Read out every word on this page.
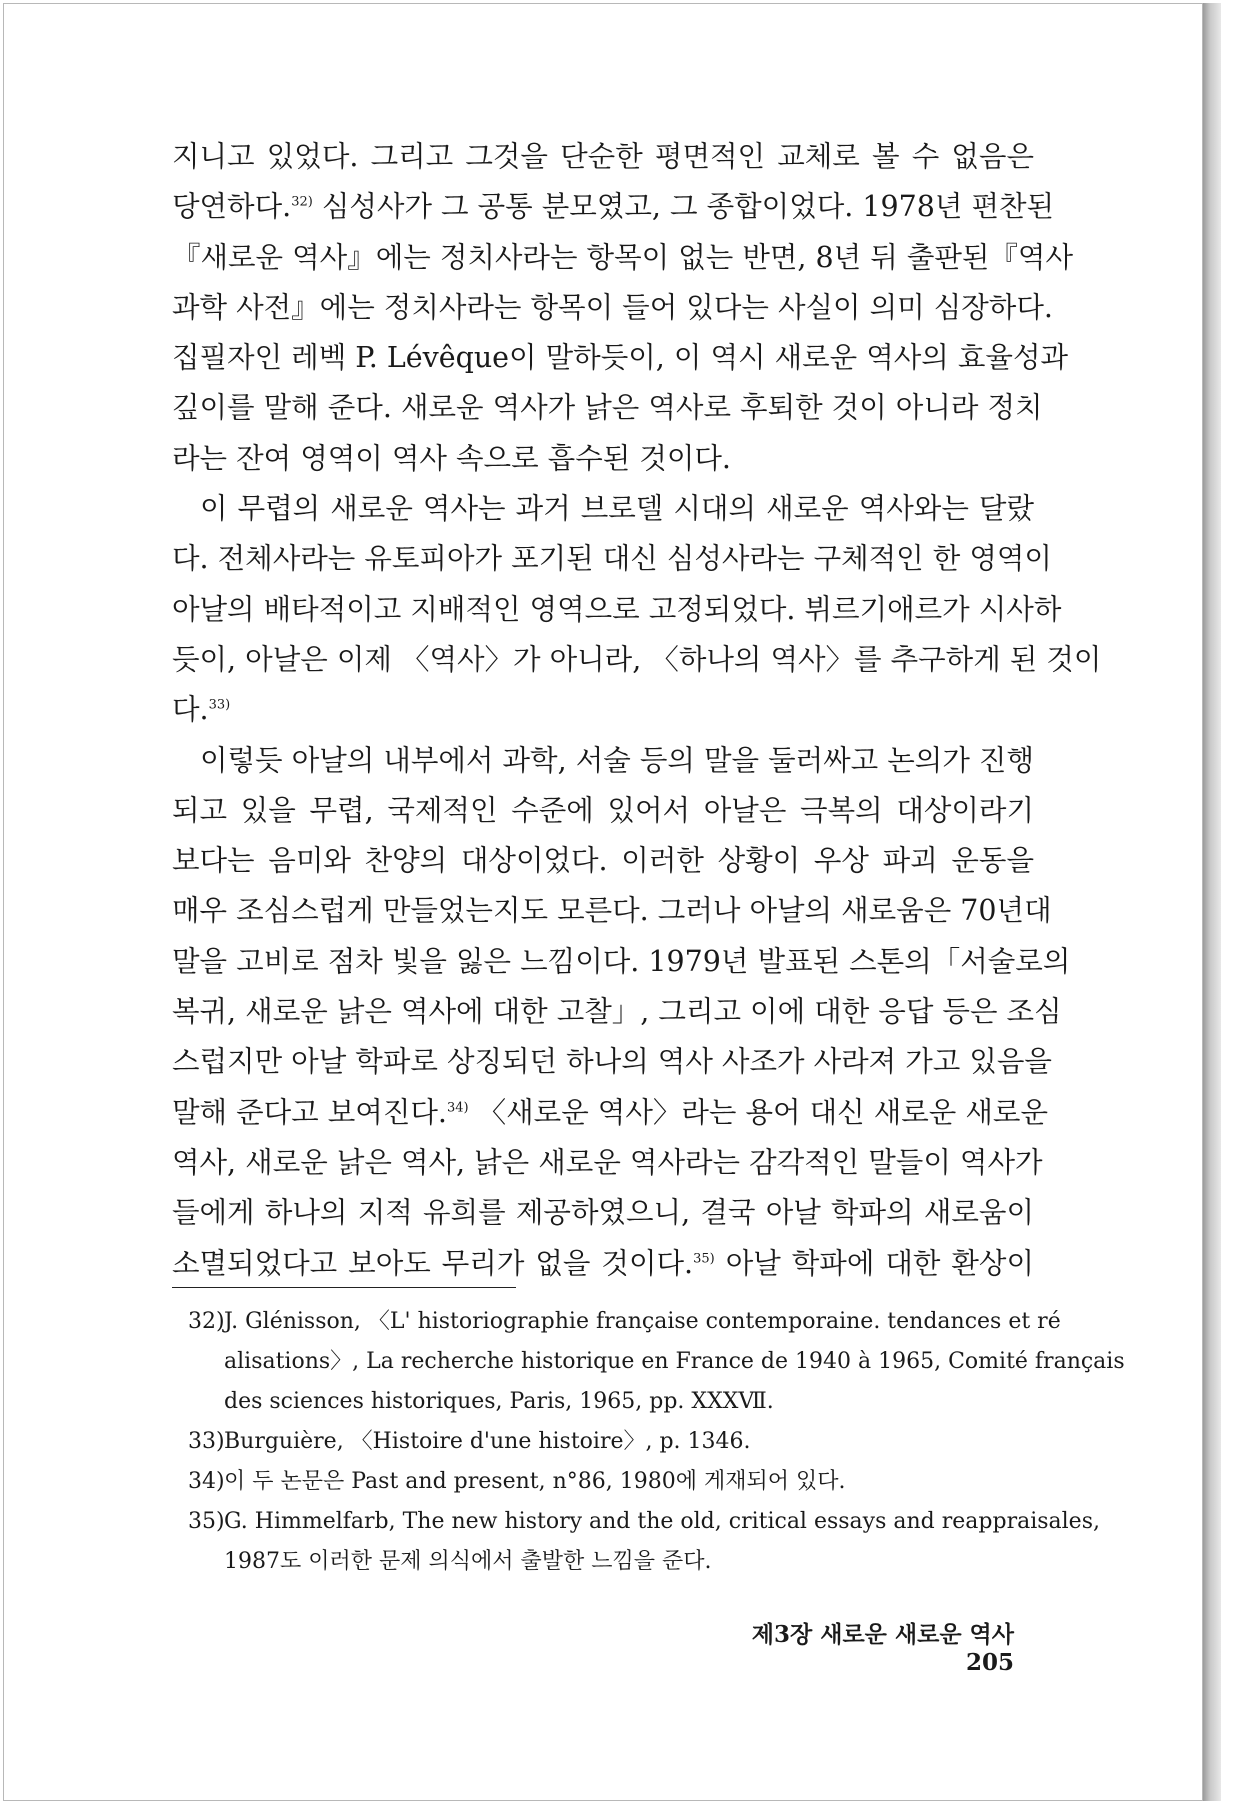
지니고 있었다. 그리고 그것을 단순한 평면적인 교체로 볼 수 없음은
당연하다.$^{32)}$ 심성사가 그 공통 분모였고, 그 종합이었다. 1978년 편찬된
『새로운 역사』에는 정치사라는 항목이 없는 반면, 8년 뒤 출판된『역사
과학 사전』에는 정치사라는 항목이 들어 있다는 사실이 의미 심장하다.
집필자인 레벡 P. Lévêque이 말하듯이, 이 역시 새로운 역사의 효율성과
깊이를 말해 준다. 새로운 역사가 낡은 역사로 후퇴한 것이 아니라 정치
라는 잔여 영역이 역사 속으로 흡수된 것이다.
이 무렵의 새로운 역사는 과거 브로델 시대의 새로운 역사와는 달랐
다. 전체사라는 유토피아가 포기된 대신 심성사라는 구체적인 한 영역이
아날의 배타적이고 지배적인 영역으로 고정되었다. 뷔르기애르가 시사하
듯이, 아날은 이제 〈역사〉가 아니라, 〈하나의 역사〉를 추구하게 된 것이
다.$^{33)}$
이렇듯 아날의 내부에서 과학, 서술 등의 말을 둘러싸고 논의가 진행
되고 있을 무렵, 국제적인 수준에 있어서 아날은 극복의 대상이라기
보다는 음미와 찬양의 대상이었다. 이러한 상황이 우상 파괴 운동을
매우 조심스럽게 만들었는지도 모른다. 그러나 아날의 새로움은 70년대
말을 고비로 점차 빛을 잃은 느낌이다. 1979년 발표된 스톤의「서술로의
복귀, 새로운 낡은 역사에 대한 고찰」, 그리고 이에 대한 응답 등은 조심
스럽지만 아날 학파로 상징되던 하나의 역사 사조가 사라져 가고 있음을
말해 준다고 보여진다.$^{34)}$ 〈새로운 역사〉라는 용어 대신 새로운 새로운
역사, 새로운 낡은 역사, 낡은 새로운 역사라는 감각적인 말들이 역사가
들에게 하나의 지적 유희를 제공하였으니, 결국 아날 학파의 새로움이
소멸되었다고 보아도 무리가 없을 것이다.$^{35)}$ 아날 학파에 대한 환상이
32) J. Glénisson, 〈L' historiographie française contemporaine. tendances et ré
alisations〉, La recherche historique en France de 1940 à 1965, Comité français
des sciences historiques, Paris, 1965, pp. XXXⅦ.
33) Burguière, 〈Histoire d'une histoire〉, p. 1346.
34) 이 두 논문은 Past and present, n°86, 1980에 게재되어 있다.
35) G. Himmelfarb, The new history and the old, critical essays and reappraisales,
1987도 이러한 문제 의식에서 출발한 느낌을 준다.
제3장 새로운 새로운 역사205
